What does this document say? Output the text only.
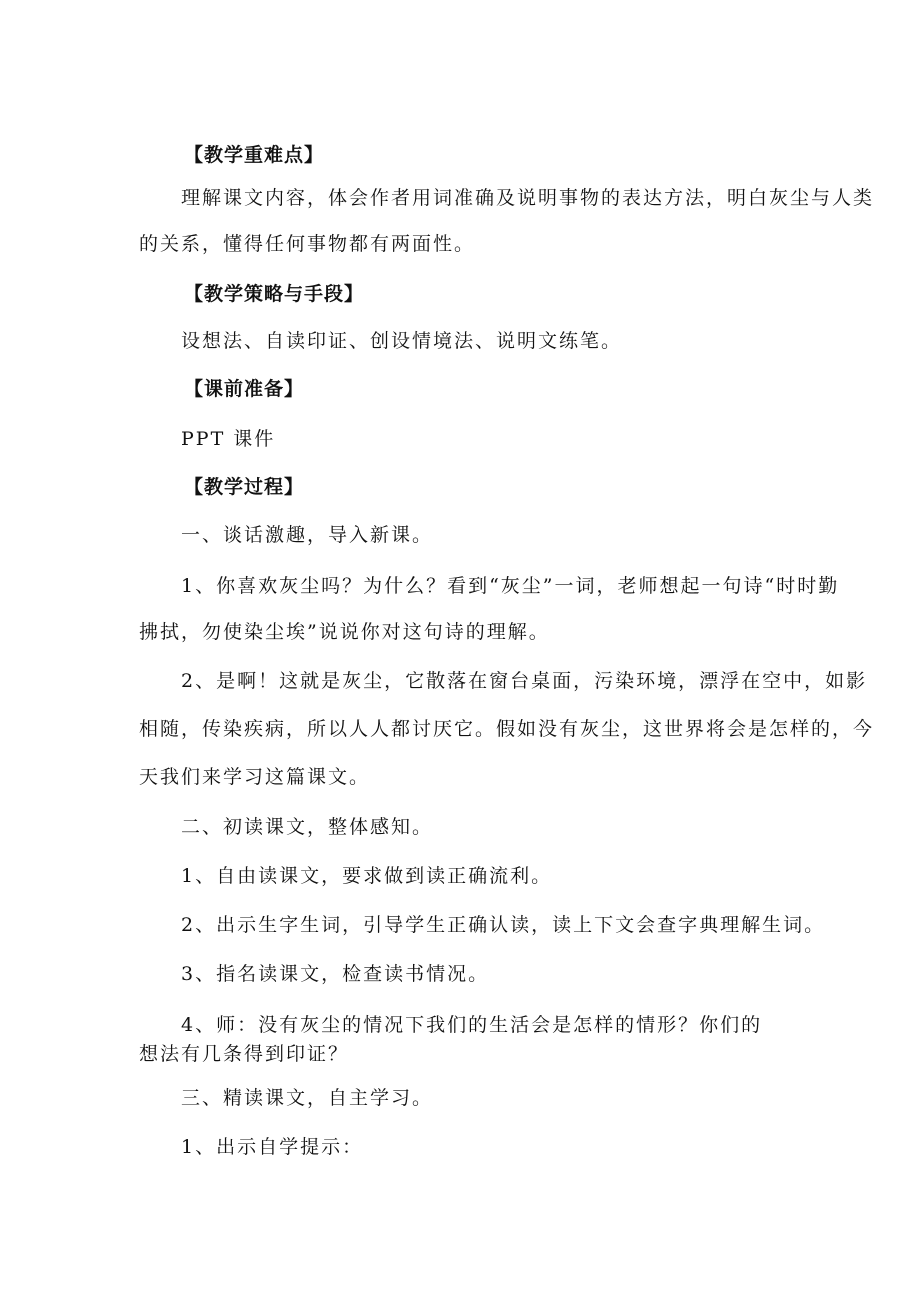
【教学重难点】
理解课文内容，体会作者用词准确及说明事物的表达方法，明白灰尘与人类
的关系，懂得任何事物都有两面性。
【教学策略与手段】
设想法、自读印证、创设情境法、说明文练笔。
【课前准备】
PPT 课件
【教学过程】
一、谈话激趣，导入新课。
1、你喜欢灰尘吗？为什么？看到“灰尘”一词，老师想起一句诗“时时勤
拂拭，勿使染尘埃”说说你对这句诗的理解。
2、是啊！这就是灰尘，它散落在窗台桌面，污染环境，漂浮在空中，如影
相随，传染疾病，所以人人都讨厌它。假如没有灰尘，这世界将会是怎样的，今
天我们来学习这篇课文。
二、初读课文，整体感知。
1、自由读课文，要求做到读正确流利。
2、出示生字生词，引导学生正确认读，读上下文会查字典理解生词。
3、指名读课文，检查读书情况。
4、师：没有灰尘的情况下我们的生活会是怎样的情形？你们的
想法有几条得到印证？
三、精读课文，自主学习。
1、出示自学提示：
